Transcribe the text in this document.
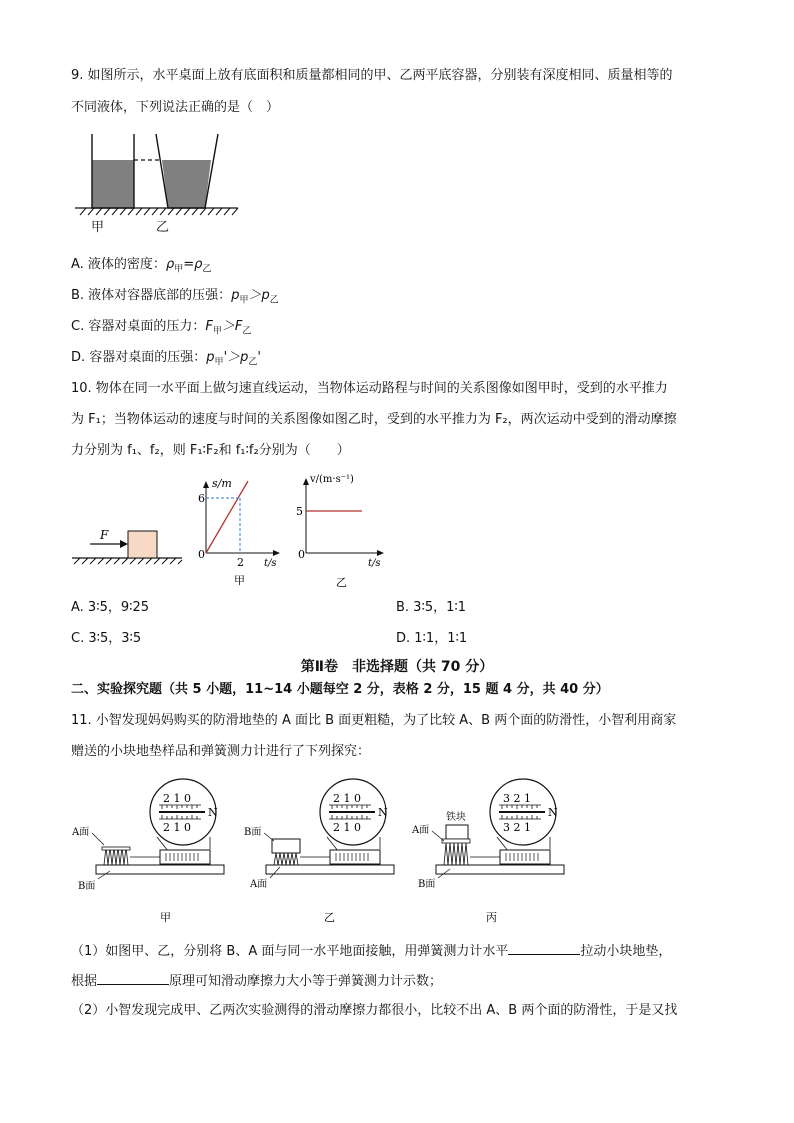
9. 如图所示，水平桌面上放有底面积和质量都相同的甲、乙两平底容器，分别装有深度相同、质量相等的
不同液体，下列说法正确的是（　）
甲	乙
A. 液体的密度：$\rho_甲=\rho_乙$
B. 液体对容器底部的压强：$p_甲>p_乙$
C. 容器对桌面的压力：$F_甲>F_乙$
D. 容器对桌面的压强：$p_甲'>p_乙'$
10. 物体在同一水平面上做匀速直线运动，当物体运动路程与时间的关系图像如图甲时，受到的水平推力
为 F₁；当物体运动的速度与时间的关系图像如图乙时，受到的水平推力为 F₂，两次运动中受到的滑动摩擦
力分别为 f₁、f₂，则 F₁∶F₂和 f₁∶f₂分别为（　　）
F
s/m
6
2
0
t/s
甲
v/(m·s⁻¹)
5
0
t/s
乙
A. 3∶5，9∶25	B. 3∶5，1∶1
C. 3∶5，3∶5	D. 1∶1，1∶1
第Ⅱ卷　非选择题（共 70 分）
二、实验探究题（共 5 小题，11~14 小题每空 2 分，表格 2 分，15 题 4 分，共 40 分）
11. 小智发现妈妈购买的防滑地垫的 A 面比 B 面更粗糙，为了比较 A、B 两个面的防滑性，小智利用商家
赠送的小块地垫样品和弹簧测力计进行了下列探究：
2 1 0
2 1 0
N
A面
B面
甲
2 1 0
2 1 0
N
B面
A面
乙
3 2 1
3 2 1
N
铁块
A面
B面
丙
（1）如图甲、乙，分别将 B、A 面与同一水平地面接触，用弹簧测力计水平	拉动小块地垫，
根据	原理可知滑动摩擦力大小等于弹簧测力计示数；
（2）小智发现完成甲、乙两次实验测得的滑动摩擦力都很小，比较不出 A、B 两个面的防滑性，于是又找
